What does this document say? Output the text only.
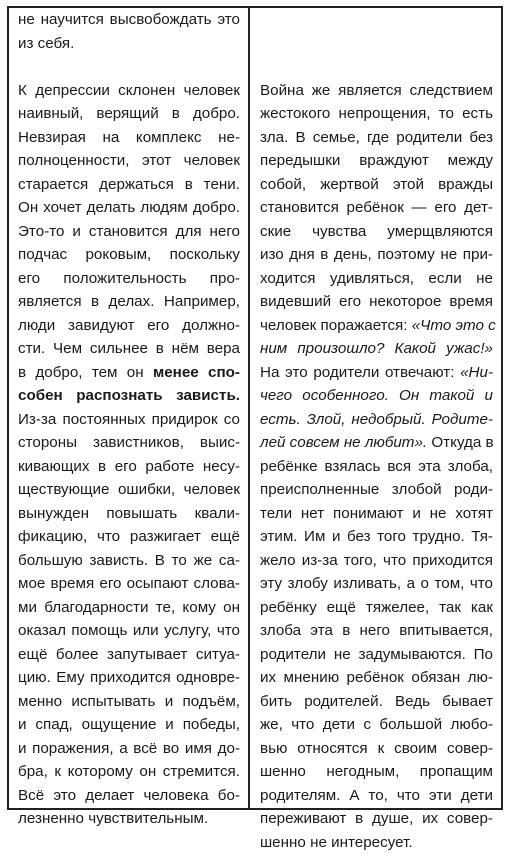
не научится высвобождать это
из себя.
К депрессии склонен человек
наивный, верящий в добро.
Невзирая на комплекс не-
полноценности, этот человек
старается держаться в тени.
Он хочет делать людям добро.
Это-то и становится для него
подчас роковым, поскольку
его положительность про-
является в делах. Например,
люди завидуют его должно-
сти. Чем сильнее в нём вера
в добро, тем он менее спо-
собен распознать зависть.
Из-за постоянных придирок со
стороны завистников, выис-
кивающих в его работе несу-
ществующие ошибки, человек
вынужден повышать квали-
фикацию, что разжигает ещё
большую зависть. В то же са-
мое время его осыпают слова-
ми благодарности те, кому он
оказал помощь или услугу, что
ещё более запутывает ситуа-
цию. Ему приходится одновре-
менно испытывать и подъём,
и спад, ощущение и победы,
и поражения, а всё во имя до-
бра, к которому он стремится.
Всё это делает человека бо-
лезненно чувствительным.
Война же является следствием
жестокого непрощения, то есть
зла. В семье, где родители без
передышки враждуют между
собой, жертвой этой вражды
становится ребёнок — его дет-
ские чувства умерщвляются
изо дня в день, поэтому не при-
ходится удивляться, если не
видевший его некоторое время
человек поражается: «Что это с
ним произошло? Какой ужас!»
На это родители отвечают: «Ни-
чего особенного. Он такой и
есть. Злой, недобрый. Родите-
лей совсем не любит». Откуда в
ребёнке взялась вся эта злоба,
преисполненные злобой роди-
тели нет понимают и не хотят
этим. Им и без того трудно. Тя-
жело из-за того, что приходится
эту злобу изливать, а о том, что
ребёнку ещё тяжелее, так как
злоба эта в него впитывается,
родители не задумываются. По
их мнению ребёнок обязан лю-
бить родителей. Ведь бывает
же, что дети с большой любо-
вью относятся к своим совер-
шенно негодным, пропащим
родителям. А то, что эти дети
переживают в душе, их совер-
шенно не интересует.
